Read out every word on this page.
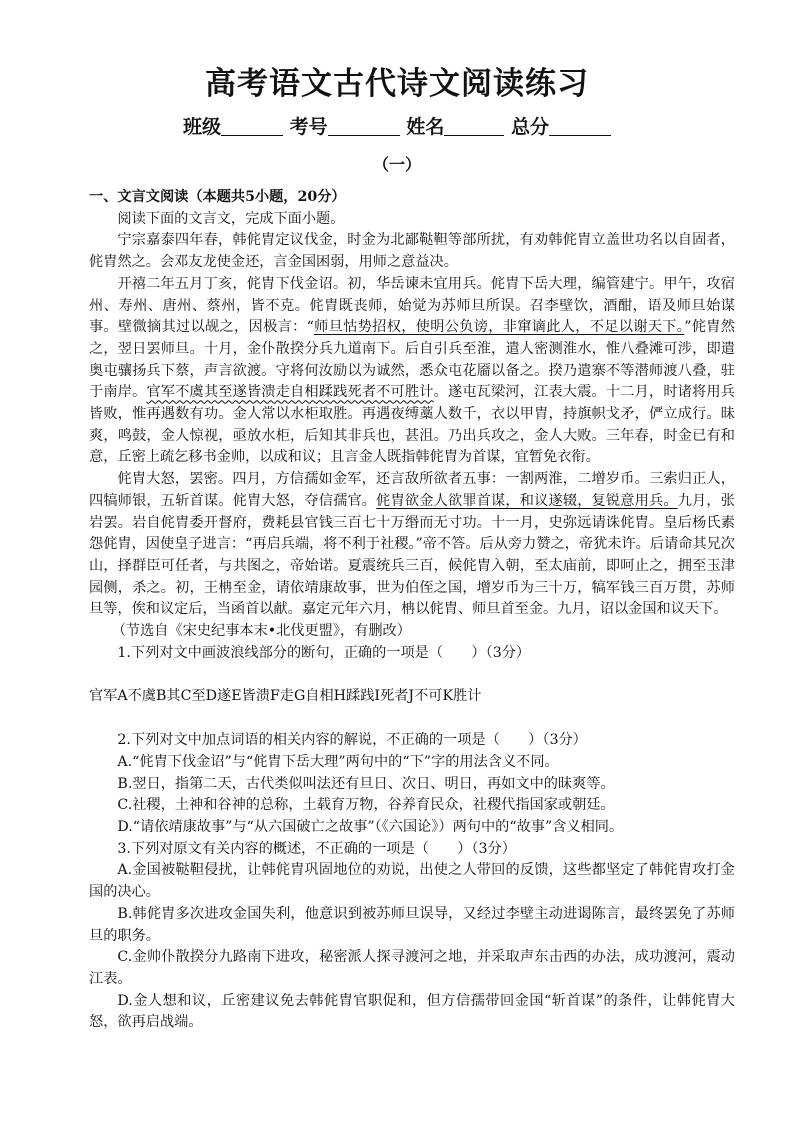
高考语文古代诗文阅读练习
班级	考号	姓名	总分
（一）

一、文言文阅读（本题共5小题，20分）

阅读下面的文言文，完成下面小题。

宁宗嘉泰四年春，韩侂胄定议伐金，时金为北鄙鞑靼等部所扰，有劝韩侂胄立盖世功名以自固者，侂胄然之。会邓友龙使金还，言金国困弱，用师之意益决。

开禧二年五月丁亥，侂胄下伐金诏。初，华岳谏未宜用兵。侂胄下岳大理，编管建宁。甲午，攻宿州、寿州、唐州、蔡州，皆不克。侂胄既丧师，始觉为苏师旦所误。召李壁饮，酒酣，语及师旦始谋事。壁微摘其过以觇之，因极言：“师旦怙势招权，使明公负谤，非窜谪此人，不足以谢天下。”侂胄然之，翌日罢师旦。十月，金仆散揆分兵九道南下。后自引兵至淮，遣人密测淮水，惟八叠滩可涉，即遣奥屯骧扬兵下蔡，声言欲渡。守将何汝励以为诚然，悉众屯花靥以备之。揆乃遣寨不等潜师渡八叠，驻于南岸。官军不虞其至遂皆溃走自相蹂践死者不可胜计。遂屯瓦梁河，江表大震。十二月，时诸将用兵皆败，惟再遇数有功。金人常以水柜取胜。再遇夜缚藁人数千，衣以甲胄，持旗帜戈矛，俨立成行。昧爽，鸣鼓，金人惊视，亟放水柜，后知其非兵也，甚沮。乃出兵攻之，金人大败。三年春，时金已有和意，丘密上疏乞移书金帅，以成和议；且言金人既指韩侂胄为首谋，宜暂免衣衔。

侂胄大怒，罢密。四月，方信孺如金军，还言敌所欲者五事：一割两淮，二增岁币。三索归正人，四犒师银，五斩首谋。侂胄大怒，夺信孺官。侂胄欲金人欲罪首谋，和议遂辍，复锐意用兵。九月，张岩罢。岩自侂胄委开督府，费耗县官钱三百七十万缗而无寸功。十一月，史弥远请诛侂胄。皇后杨氏素怨侂胄，因使皇子进言：“再启兵端，将不利于社稷。”帝不答。后从旁力赞之，帝犹未许。后请命其兄次山，择群臣可任者，与共图之，帝始诺。夏震统兵三百，候侂胄入朝，至太庙前，即呵止之，拥至玉津园侧，杀之。初，王柟至金，请依靖康故事，世为伯侄之国，增岁币为三十万，犒军钱三百万贯，苏师旦等，俟和议定后，当函首以献。嘉定元年六月，柟以侂胄、师旦首至金。九月，诏以金国和议天下。

（节选自《宋史纪事本末•北伐更盟》，有删改）

1.下列对文中画波浪线部分的断句，正确的一项是（　　）（3分）

官军A不虞B其C至D遂E皆溃F走G自相H蹂践I死者J不可K胜计

2.下列对文中加点词语的相关内容的解说，不正确的一项是（　　）（3分）

A.“侂胄下伐金诏”与“侂胄下岳大理”两句中的“下”字的用法含义不同。

B.翌日，指第二天，古代类似叫法还有旦日、次日、明日，再如文中的昧爽等。

C.社稷，土神和谷神的总称，土载育万物，谷养育民众，社稷代指国家或朝廷。

D.“请依靖康故事”与“从六国破亡之故事”（《六国论》）两句中的“故事”含义相同。

3.下列对原文有关内容的概述，不正确的一项是（　　）（3分）

A.金国被鞑靼侵扰，让韩侂胄巩固地位的劝说，出使之人带回的反馈，这些都坚定了韩侂胄攻打金国的决心。

B.韩侂胄多次进攻金国失利，他意识到被苏师旦误导，又经过李壁主动进谒陈言，最终罢免了苏师旦的职务。

C.金帅仆散揆分九路南下进攻，秘密派人探寻渡河之地，并采取声东击西的办法，成功渡河，震动江表。

D.金人想和议，丘密建议免去韩侂胄官职促和，但方信孺带回金国“斩首谋”的条件，让韩侂胄大怒，欲再启战端。
